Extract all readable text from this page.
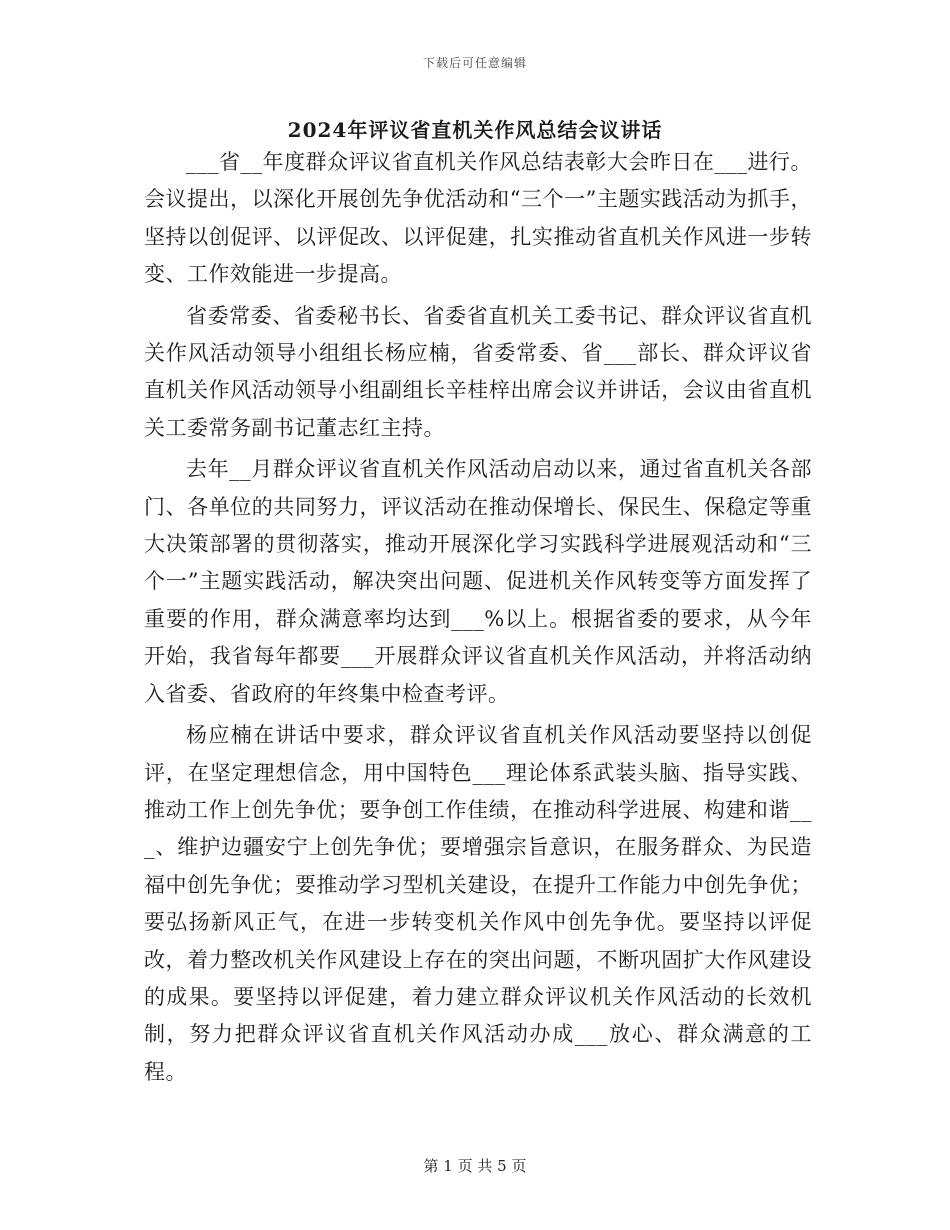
下载后可任意编辑
2024年评议省直机关作风总结会议讲话

___省__年度群众评议省直机关作风总结表彰大会昨日在___进行。会议提出，以深化开展创先争优活动和“三个一”主题实践活动为抓手，坚持以创促评、以评促改、以评促建，扎实推动省直机关作风进一步转变、工作效能进一步提高。

省委常委、省委秘书长、省委省直机关工委书记、群众评议省直机关作风活动领导小组组长杨应楠，省委常委、省___部长、群众评议省直机关作风活动领导小组副组长辛桂梓出席会议并讲话，会议由省直机关工委常务副书记董志红主持。

去年__月群众评议省直机关作风活动启动以来，通过省直机关各部门、各单位的共同努力，评议活动在推动保增长、保民生、保稳定等重大决策部署的贯彻落实，推动开展深化学习实践科学进展观活动和“三个一”主题实践活动，解决突出问题、促进机关作风转变等方面发挥了重要的作用，群众满意率均达到___%以上。根据省委的要求，从今年开始，我省每年都要___开展群众评议省直机关作风活动，并将活动纳入省委、省政府的年终集中检查考评。

杨应楠在讲话中要求，群众评议省直机关作风活动要坚持以创促评，在坚定理想信念，用中国特色___理论体系武装头脑、指导实践、推动工作上创先争优；要争创工作佳绩，在推动科学进展、构建和谐___、维护边疆安宁上创先争优；要增强宗旨意识，在服务群众、为民造福中创先争优；要推动学习型机关建设，在提升工作能力中创先争优；要弘扬新风正气，在进一步转变机关作风中创先争优。要坚持以评促改，着力整改机关作风建设上存在的突出问题，不断巩固扩大作风建设的成果。要坚持以评促建，着力建立群众评议机关作风活动的长效机制，努力把群众评议省直机关作风活动办成___放心、群众满意的工程。

第 1 页 共 5 页
